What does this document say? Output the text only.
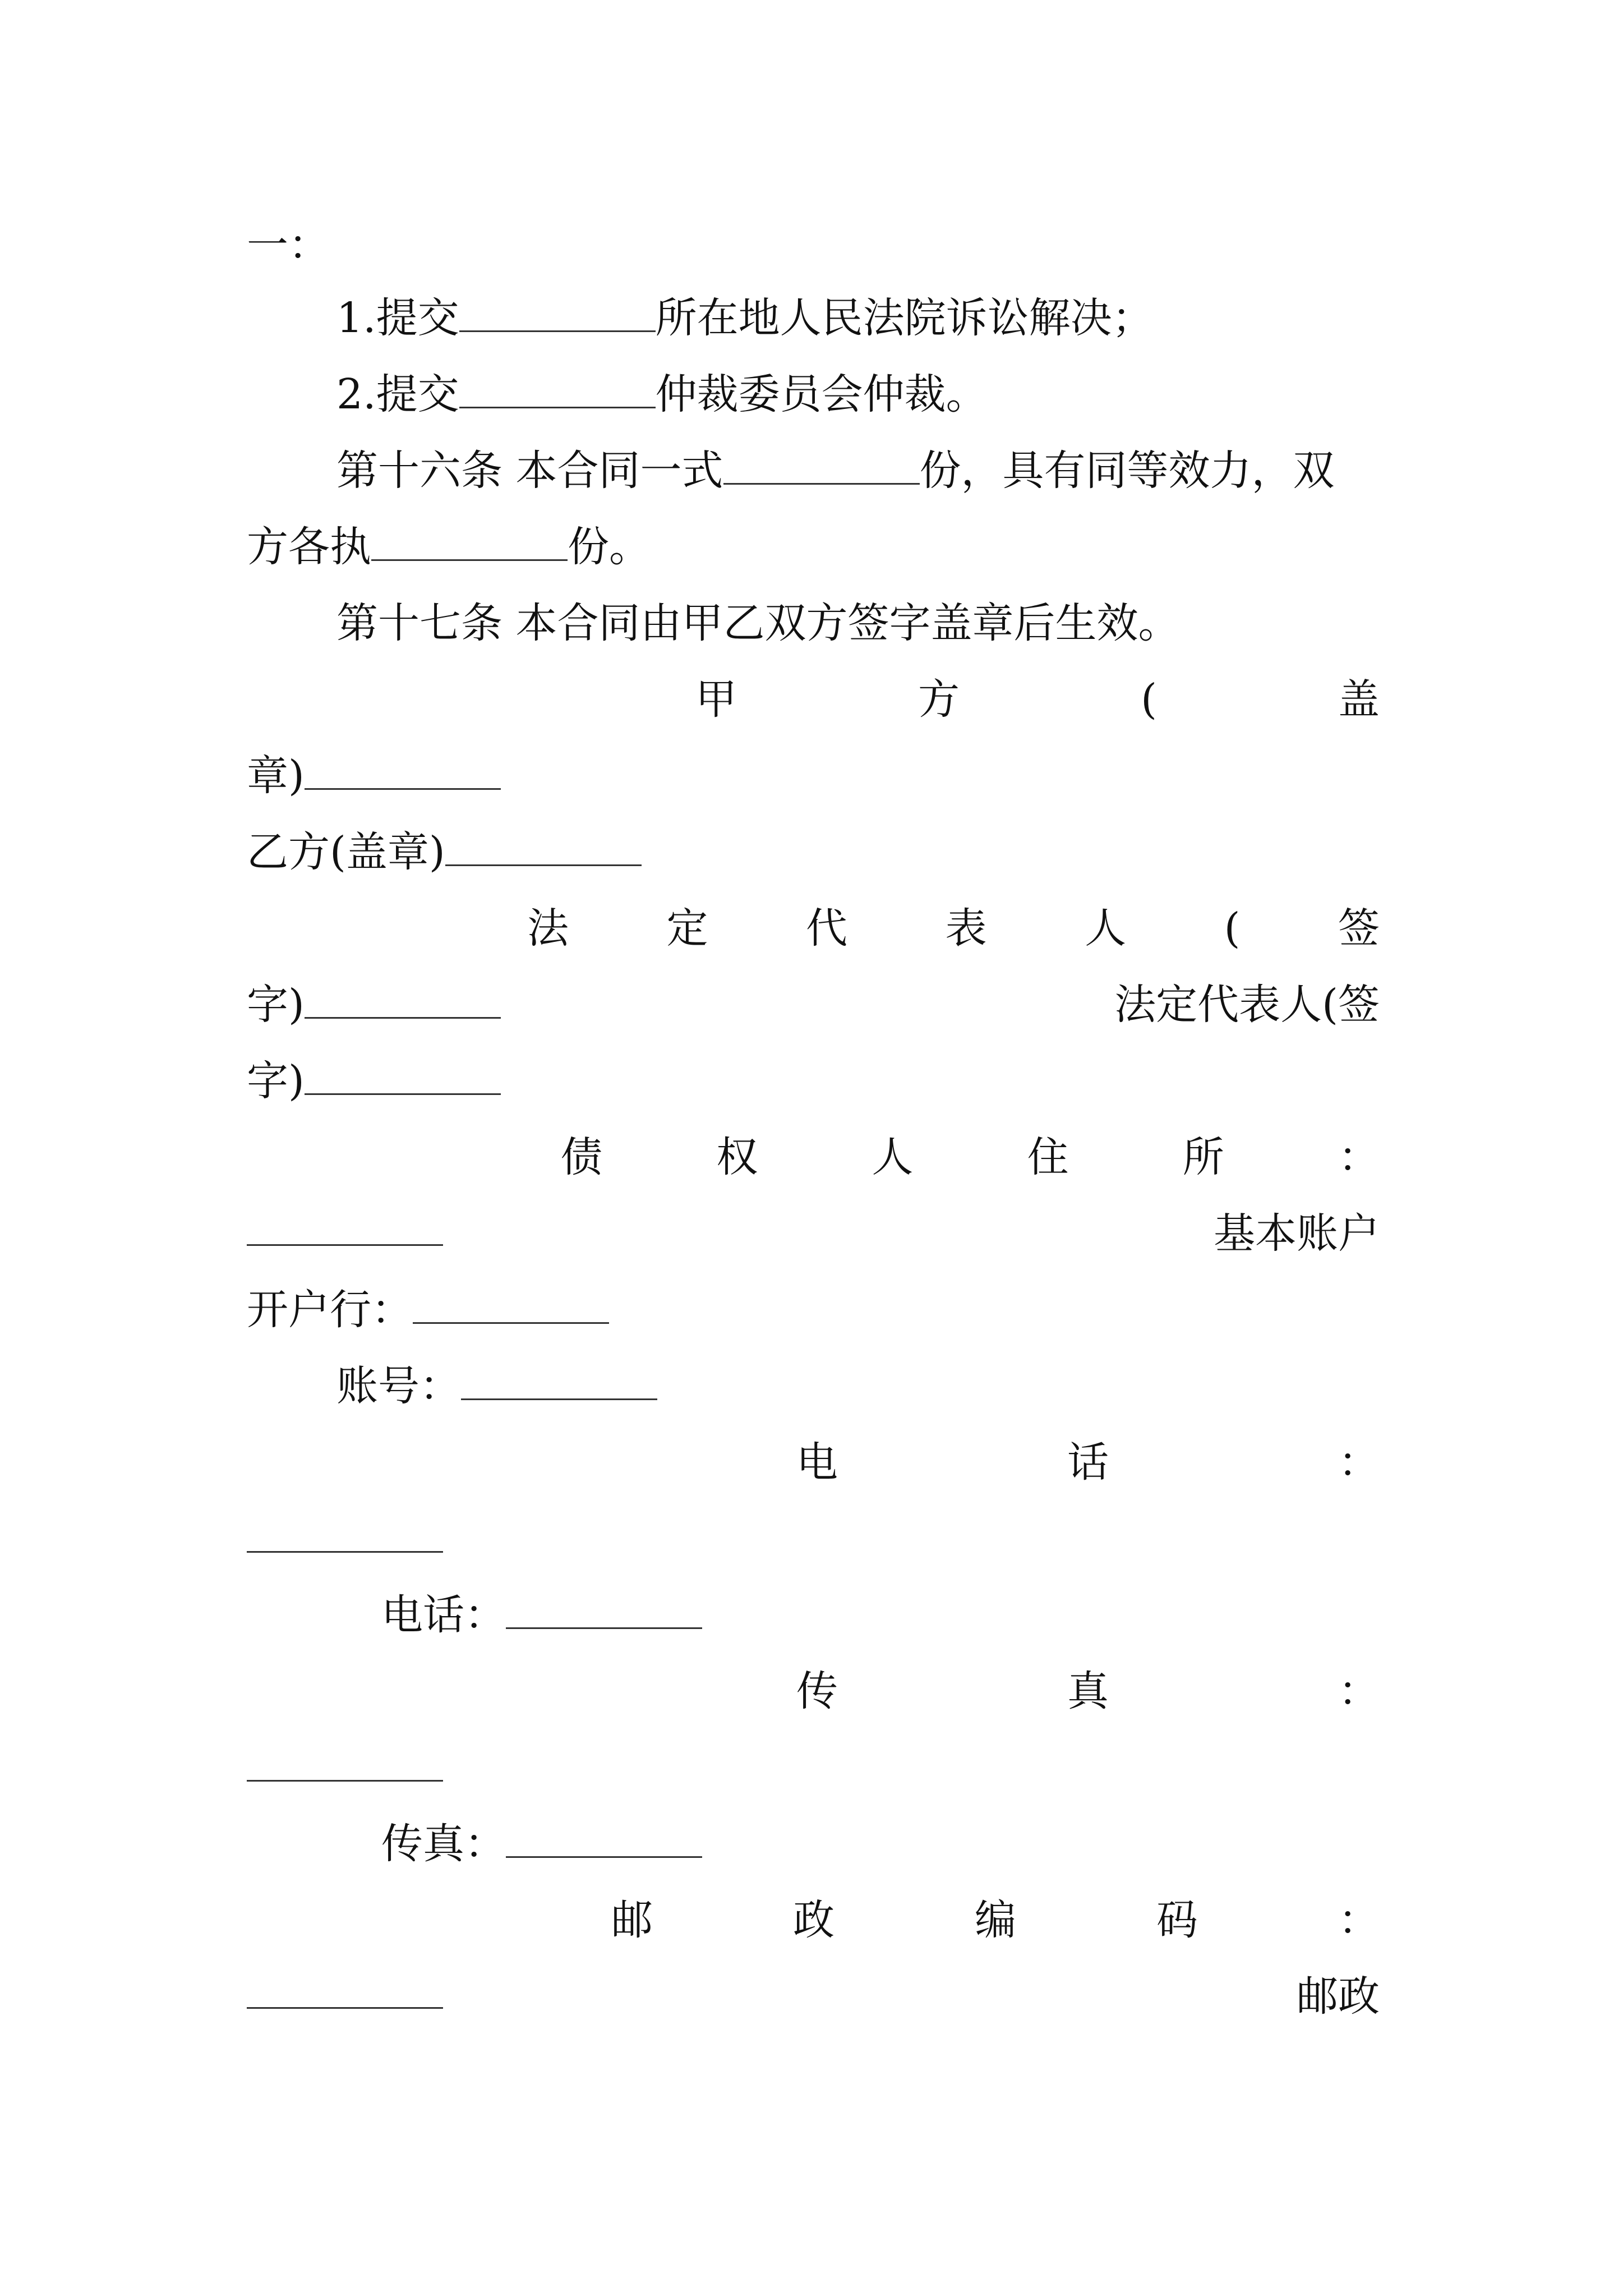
一：
1.提交	所在地人民法院诉讼解决；
2.提交	仲裁委员会仲裁。
第十六条 本合同一式	份，具有同等效力，双
方各执	份。
第十七条 本合同由甲乙双方签字盖章后生效。
甲	方	(	盖
章)
乙方(盖章)
法 定 代 表 人 ( 签
字)	法定代表人(签
字)
债	权	人	住	所	：
基本账户
开户行：
账号：
电	话	：
电话：
传	真	：
传真：
邮	政	编	码	：
邮政
